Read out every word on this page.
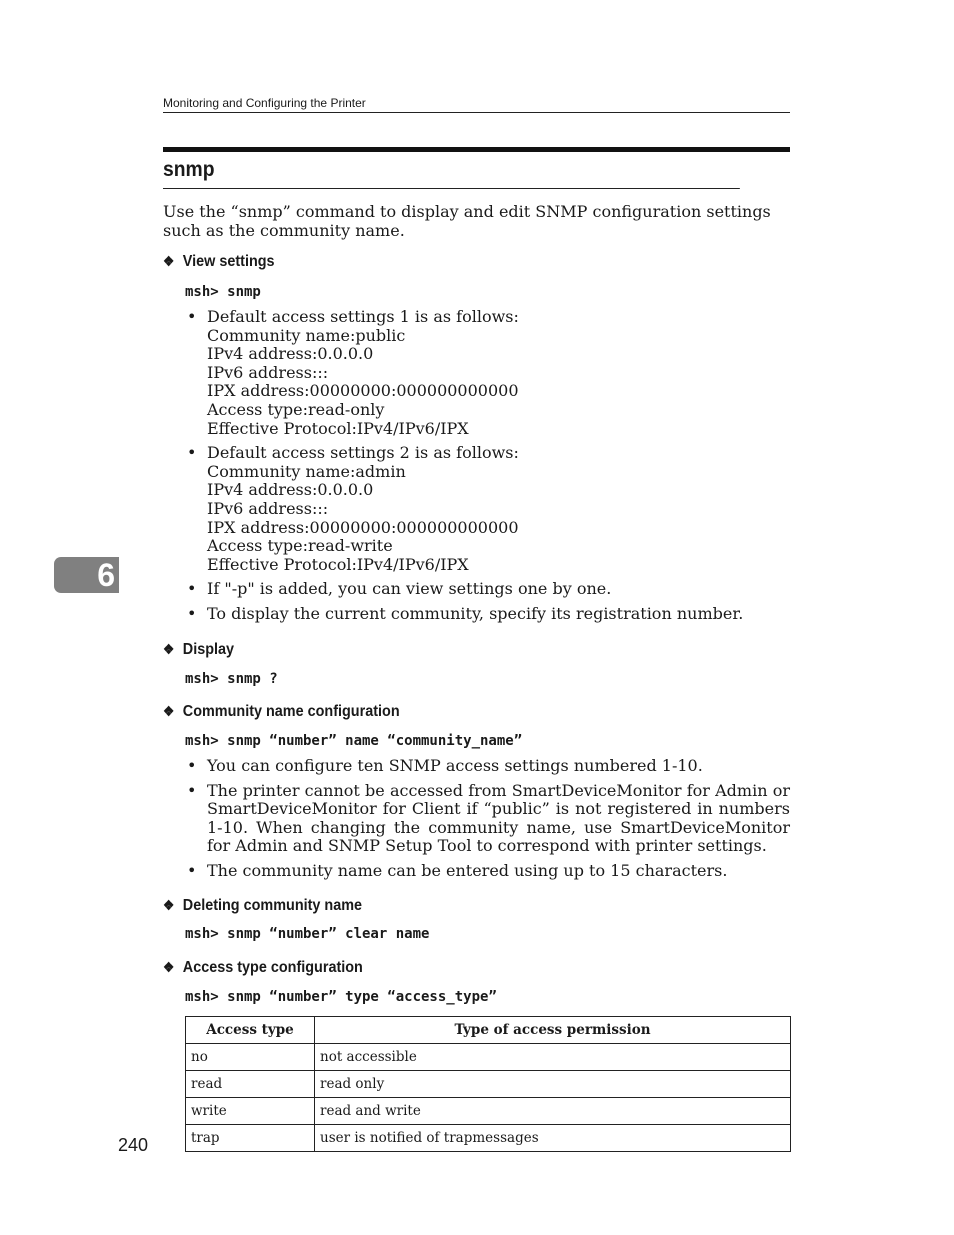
Monitoring and Configuring the Printer
snmp
Use the “snmp” command to display and edit SNMP configuration settings such as the community name.
❖ View settings
msh> snmp
• Default access settings 1 is as follows:
Community name:public
IPv4 address:0.0.0.0
IPv6 address:::
IPX address:00000000:000000000000
Access type:read-only
Effective Protocol:IPv4/IPv6/IPX
• Default access settings 2 is as follows:
Community name:admin
IPv4 address:0.0.0.0
IPv6 address:::
IPX address:00000000:000000000000
Access type:read-write
Effective Protocol:IPv4/IPv6/IPX
• If "-p" is added, you can view settings one by one.
• To display the current community, specify its registration number.
6
❖ Display
msh> snmp ?
❖ Community name configuration
msh> snmp “number” name “community_name”
• You can configure ten SNMP access settings numbered 1-10.
• The printer cannot be accessed from SmartDeviceMonitor for Admin or SmartDeviceMonitor for Client if “public” is not registered in numbers 1-10. When changing the community name, use SmartDeviceMonitor for Admin and SNMP Setup Tool to correspond with printer settings.
• The community name can be entered using up to 15 characters.
❖ Deleting community name
msh> snmp “number” clear name
❖ Access type configuration
msh> snmp “number” type “access_type”
Access type	Type of access permission
no	not accessible
read	read only
write	read and write
trap	user is notified of trapmessages
240
